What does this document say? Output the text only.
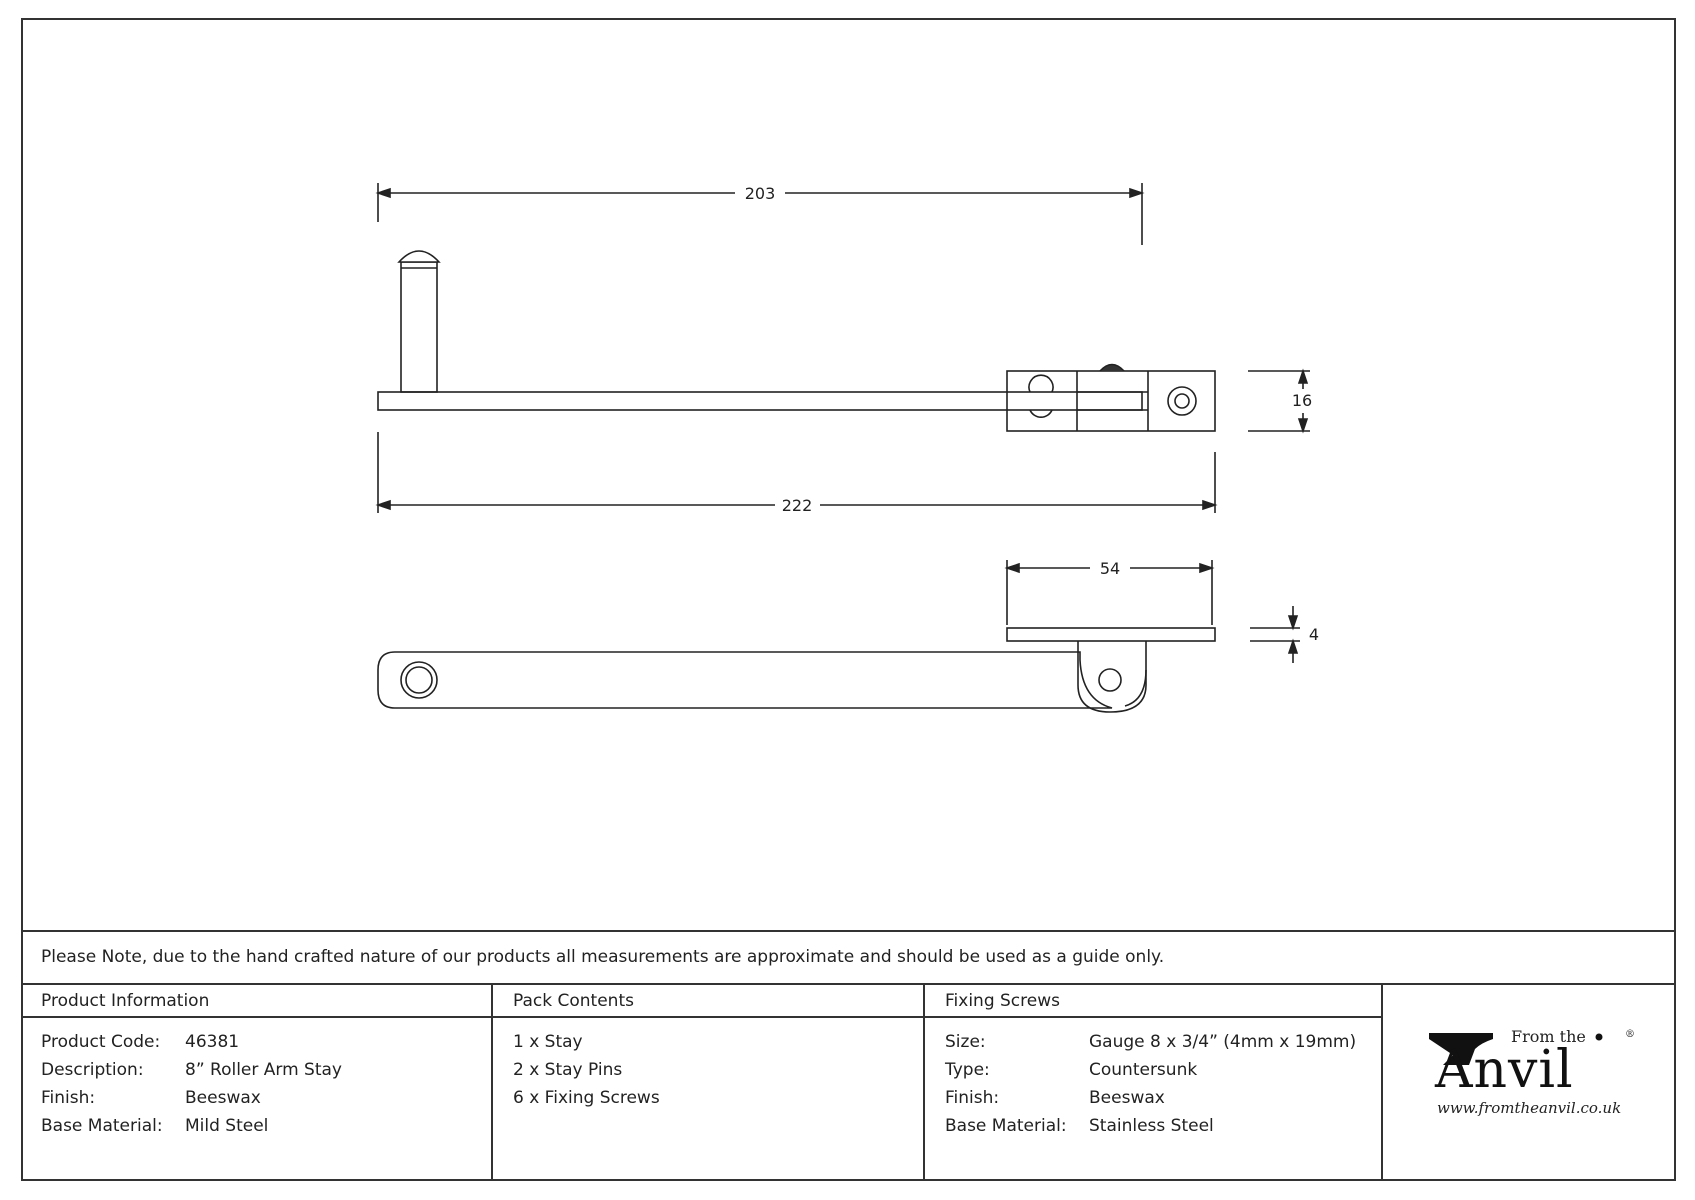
203
222
16
54
4
Please Note, due to the hand crafted nature of our products all measurements are approximate and should be used as a guide only.
Product Information
Product Code:	46381
Description:	8” Roller Arm Stay
Finish:	Beeswax
Base Material:	Mild Steel
Pack Contents
1 x Stay
2 x Stay Pins
6 x Fixing Screws
Fixing Screws
Size:	Gauge 8 x 3/4” (4mm x 19mm)
Type:	Countersunk
Finish:	Beeswax
Base Material:	Stainless Steel
From the	®
Anvil
www.fromtheanvil.co.uk
